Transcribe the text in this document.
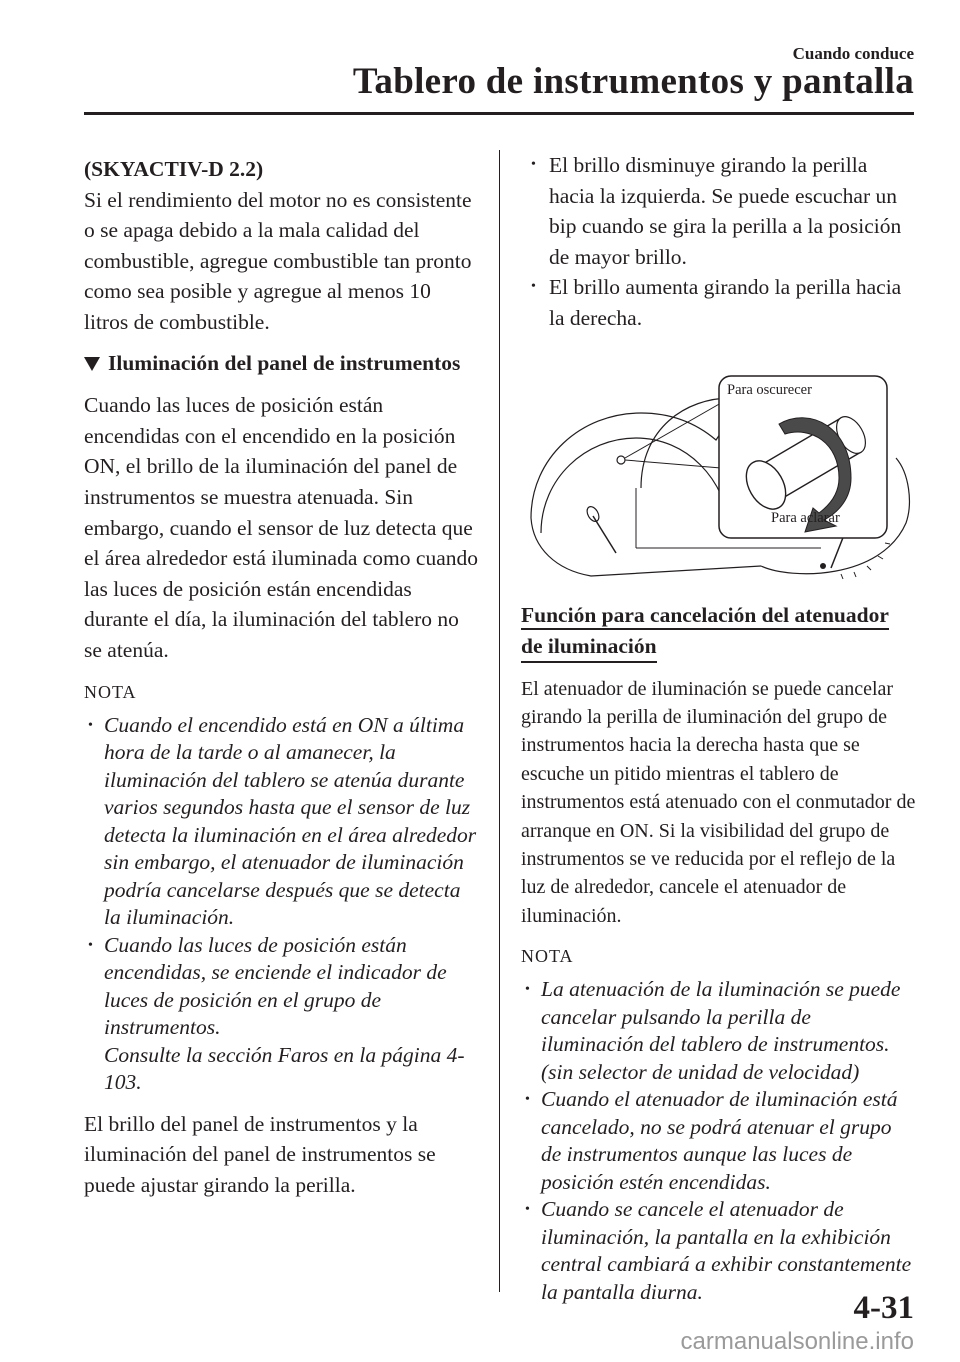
Cuando conduce
Tablero de instrumentos y pantalla

(SKYACTIV-D 2.2)

Si el rendimiento del motor no es consistente o se apaga debido a la mala calidad del combustible, agregue combustible tan pronto como sea posible y agregue al menos 10 litros de combustible.

Iluminación del panel de instrumentos

Cuando las luces de posición están encendidas con el encendido en la posición ON, el brillo de la iluminación del panel de instrumentos se muestra atenuada. Sin embargo, cuando el sensor de luz detecta que el área alrededor está iluminada como cuando las luces de posición están encendidas durante el día, la iluminación del tablero no se atenúa.

NOTA

• Cuando el encendido está en ON a última hora de la tarde o al amanecer, la iluminación del tablero se atenúa durante varios segundos hasta que el sensor de luz detecta la iluminación en el área alrededor sin embargo, el atenuador de iluminación podría cancelarse después que se detecta la iluminación.
• Cuando las luces de posición están encendidas, se enciende el indicador de luces de posición en el grupo de instrumentos.
Consulte la sección Faros en la página 4-103.

El brillo del panel de instrumentos y la iluminación del panel de instrumentos se puede ajustar girando la perilla.

• El brillo disminuye girando la perilla hacia la izquierda. Se puede escuchar un bip cuando se gira la perilla a la posición de mayor brillo.
• El brillo aumenta girando la perilla hacia la derecha.
Para oscurecer
Para aclarar
Función para cancelación del atenuador
de iluminación

El atenuador de iluminación se puede cancelar girando la perilla de iluminación del grupo de instrumentos hacia la derecha hasta que se escuche un pitido mientras el tablero de instrumentos está atenuado con el conmutador de arranque en ON. Si la visibilidad del grupo de instrumentos se ve reducida por el reflejo de la luz de alrededor, cancele el atenuador de iluminación.

NOTA

• La atenuación de la iluminación se puede cancelar pulsando la perilla de iluminación del tablero de instrumentos. (sin selector de unidad de velocidad)
• Cuando el atenuador de iluminación está cancelado, no se podrá atenuar el grupo de instrumentos aunque las luces de posición estén encendidas.
• Cuando se cancele el atenuador de iluminación, la pantalla en la exhibición central cambiará a exhibir constantemente la pantalla diurna.	4-31
carmanualsonline.info
